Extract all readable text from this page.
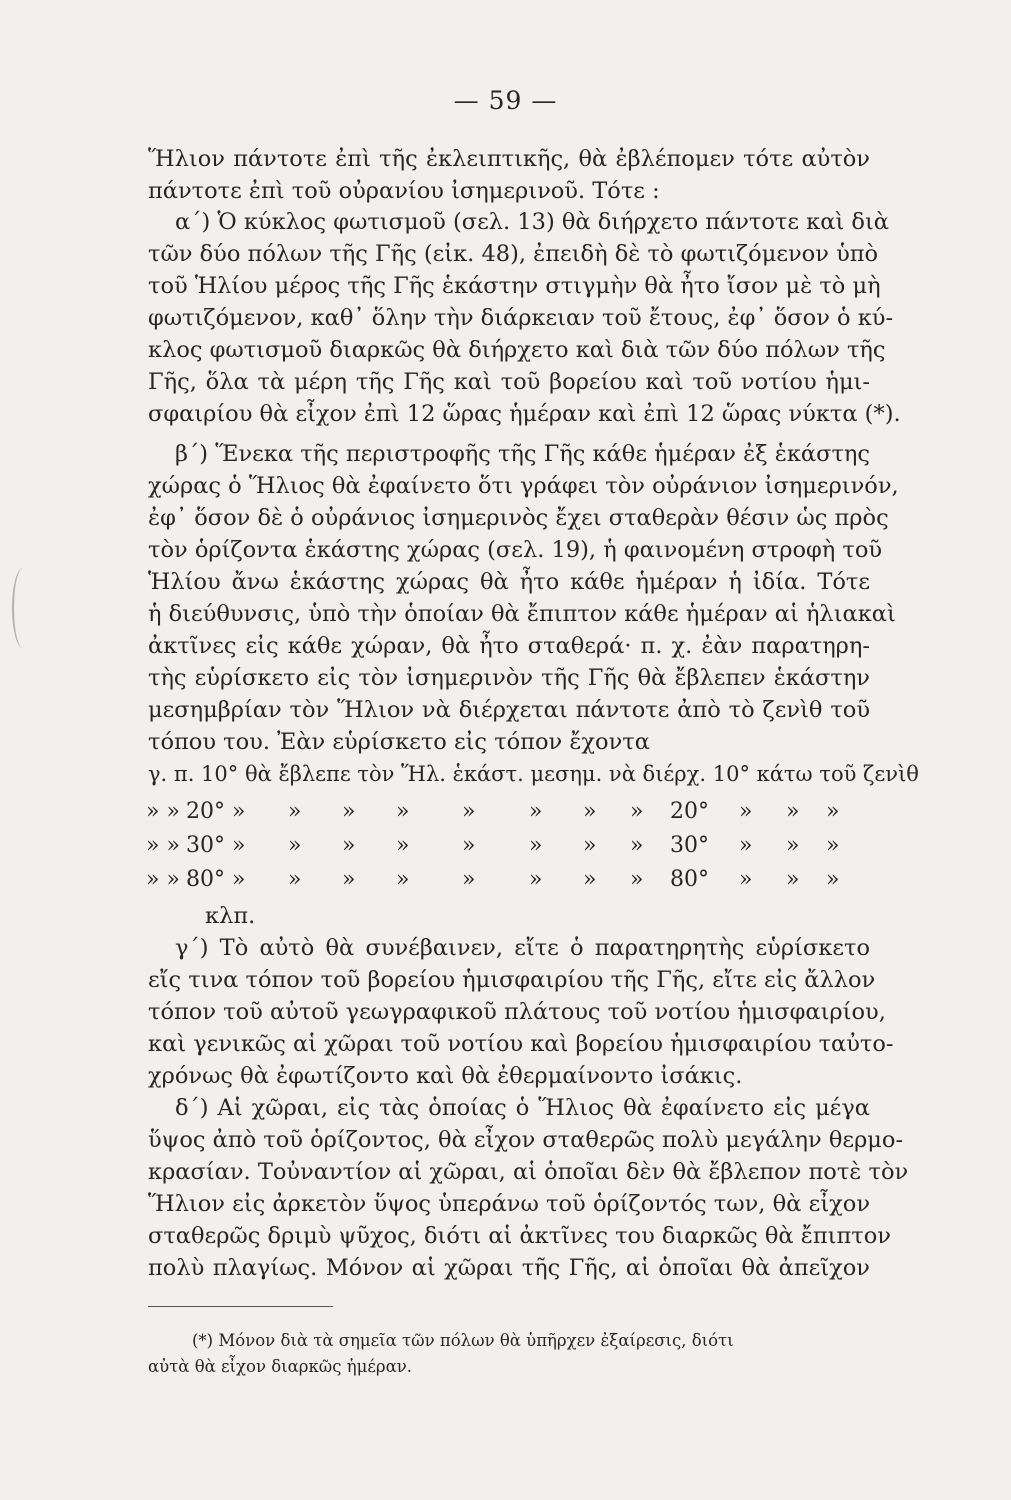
— 59 —
Ἥλιον πάντοτε ἐπὶ τῆς ἐκλειπτικῆς, θὰ ἐβλέπομεν τότε αὐτὸν
πάντοτε ἐπὶ τοῦ οὐρανίου ἰσημερινοῦ. Τότε :
α΄) Ὁ κύκλος φωτισμοῦ (σελ. 13) θὰ διήρχετο πάντοτε καὶ διὰ
τῶν δύο πόλων τῆς Γῆς (εἰκ. 48), ἐπειδὴ δὲ τὸ φωτιζόμενον ὑπὸ
τοῦ Ἡλίου μέρος τῆς Γῆς ἑκάστην στιγμὴν θὰ ἦτο ἴσον μὲ τὸ μὴ
φωτιζόμενον, καθ᾽ ὅλην τὴν διάρκειαν τοῦ ἔτους, ἐφ᾽ ὅσον ὁ κύ-
κλος φωτισμοῦ διαρκῶς θὰ διήρχετο καὶ διὰ τῶν δύο πόλων τῆς
Γῆς, ὅλα τὰ μέρη τῆς Γῆς καὶ τοῦ βορείου καὶ τοῦ νοτίου ἡμι-
σφαιρίου θὰ εἶχον ἐπὶ 12 ὥρας ἡμέραν καὶ ἐπὶ 12 ὥρας νύκτα (*).
β΄) Ἕνεκα τῆς περιστροφῆς τῆς Γῆς κάθε ἡμέραν ἐξ ἑκάστης
χώρας ὁ Ἥλιος θὰ ἐφαίνετο ὅτι γράφει τὸν οὐράνιον ἰσημερινόν,
ἐφ᾽ ὅσον δὲ ὁ οὐράνιος ἰσημερινὸς ἔχει σταθερὰν θέσιν ὡς πρὸς
τὸν ὁρίζοντα ἑκάστης χώρας (σελ. 19), ἡ φαινομένη στροφὴ τοῦ
Ἡλίου ἄνω ἑκάστης χώρας θὰ ἦτο κάθε ἡμέραν ἡ ἰδία. Τότε
ἡ διεύθυνσις, ὑπὸ τὴν ὁποίαν θὰ ἔπιπτον κάθε ἡμέραν αἱ ἡλιακαὶ
ἀκτῖνες εἰς κάθε χώραν, θὰ ἦτο σταθερά· π. χ. ἐὰν παρατηρη-
τὴς εὑρίσκετο εἰς τὸν ἰσημερινὸν τῆς Γῆς θὰ ἔβλεπεν ἑκάστην
μεσημβρίαν τὸν Ἥλιον νὰ διέρχεται πάντοτε ἀπὸ τὸ ζενὶθ τοῦ
τόπου του. Ἐὰν εὑρίσκετο εἰς τόπον ἔχοντα
γ. π. 10° θὰ ἔβλεπε τὸν Ἥλ. ἑκάστ. μεσημ. νὰ διέρχ. 10° κάτω τοῦ ζενὶθ
» » 20° » » » » » » » » 20° » » »
» » 30° » » » » » » » » 30° » » »
» » 80° » » » » » » » » 80° » » »
κλπ.
γ΄) Τὸ αὐτὸ θὰ συνέβαινεν, εἴτε ὁ παρατηρητὴς εὑρίσκετο
εἴς τινα τόπον τοῦ βορείου ἡμισφαιρίου τῆς Γῆς, εἴτε εἰς ἄλλον
τόπον τοῦ αὐτοῦ γεωγραφικοῦ πλάτους τοῦ νοτίου ἡμισφαιρίου,
καὶ γενικῶς αἱ χῶραι τοῦ νοτίου καὶ βορείου ἡμισφαιρίου ταὐτο-
χρόνως θὰ ἐφωτίζοντο καὶ θὰ ἐθερμαίνοντο ἰσάκις.
δ΄) Αἱ χῶραι, εἰς τὰς ὁποίας ὁ Ἥλιος θὰ ἐφαίνετο εἰς μέγα
ὕψος ἀπὸ τοῦ ὁρίζοντος, θὰ εἶχον σταθερῶς πολὺ μεγάλην θερμο-
κρασίαν. Τοὐναντίον αἱ χῶραι, αἱ ὁποῖαι δὲν θὰ ἔβλεπον ποτὲ τὸν
Ἥλιον εἰς ἀρκετὸν ὕψος ὑπεράνω τοῦ ὁρίζοντός των, θὰ εἶχον
σταθερῶς δριμὺ ψῦχος, διότι αἱ ἀκτῖνες του διαρκῶς θὰ ἔπιπτον
πολὺ πλαγίως. Μόνον αἱ χῶραι τῆς Γῆς, αἱ ὁποῖαι θὰ ἀπεῖχον
(*) Μόνον διὰ τὰ σημεῖα τῶν πόλων θὰ ὑπῆρχεν ἐξαίρεσις, διότι
αὐτὰ θὰ εἶχον διαρκῶς ἡμέραν.
